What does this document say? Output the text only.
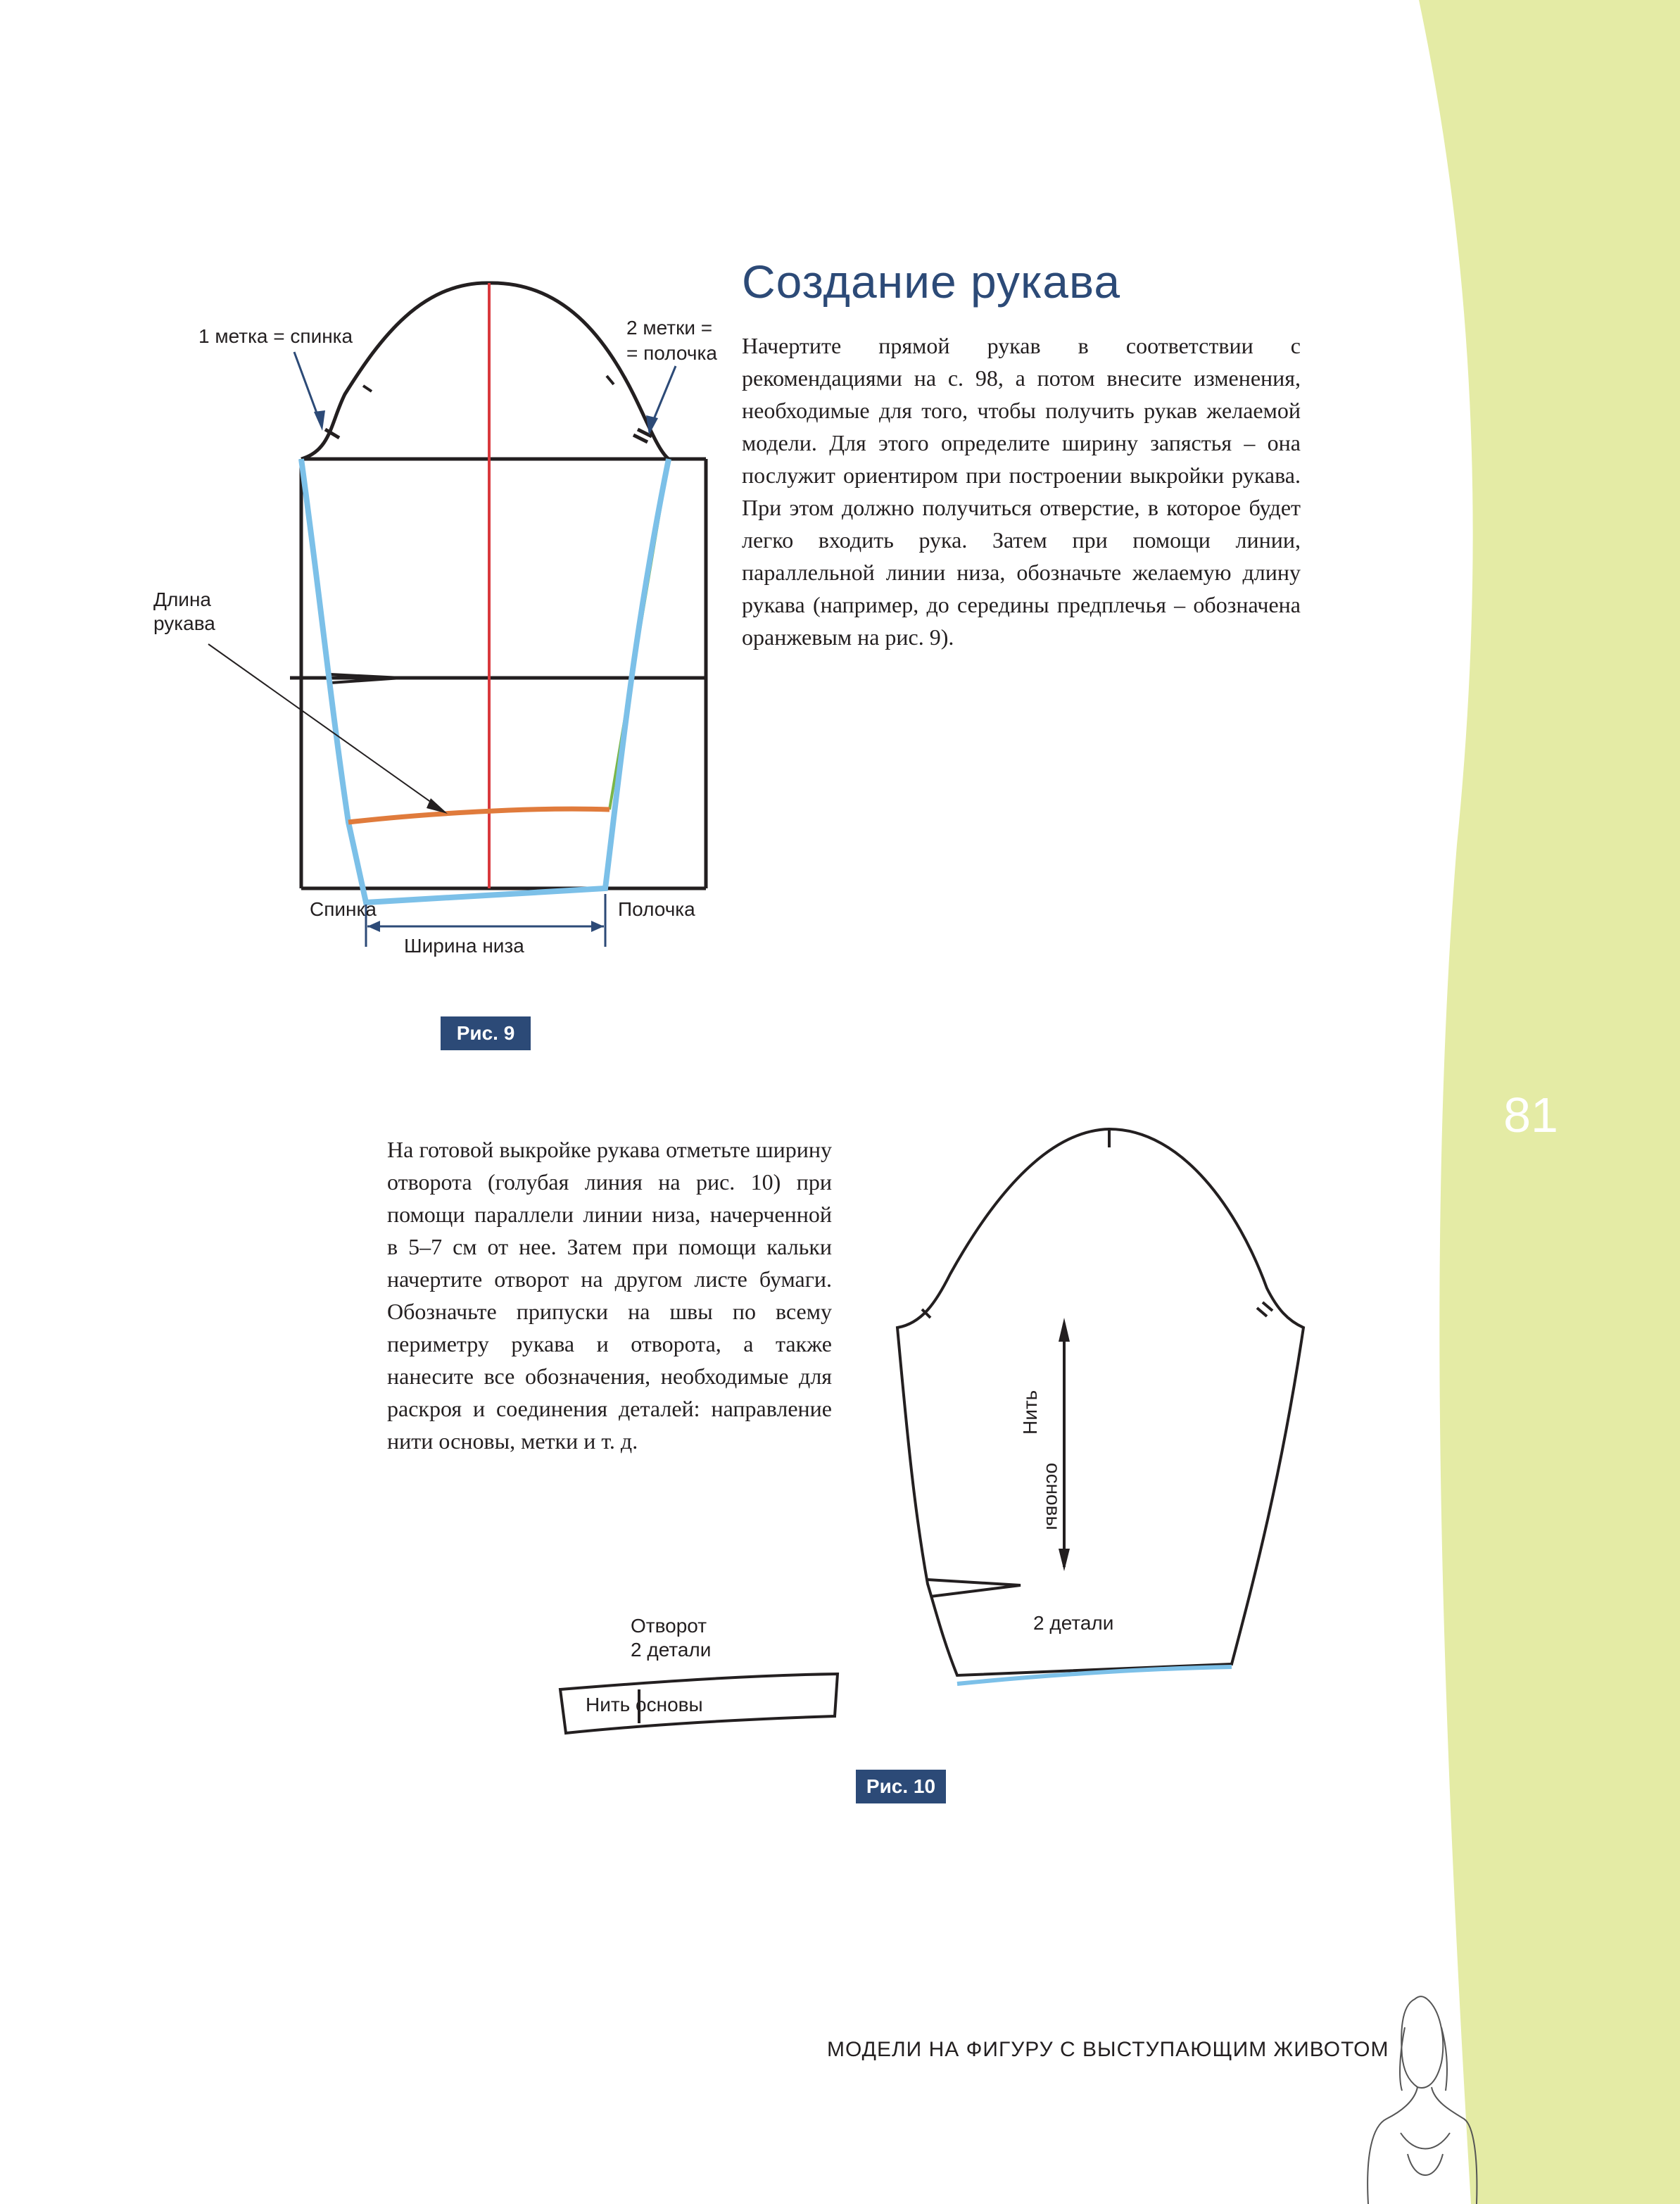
81
Создание рукава
Начертите прямой рукав в соответствии с рекомендациями на с. 98, а потом внесите изменения, необходимые для того, чтобы получить рукав желаемой модели. Для этого определите ширину запястья – она послужит ориентиром при построении выкройки рукава. При этом должно получиться отверстие, в которое будет легко входить рука. Затем при помощи линии, параллельной линии низа, обозначьте желаемую длину рукава (например, до середины предплечья – обозначена оранжевым на рис. 9).
1 метка = спинка	2 метки =
= полочка
Длина
рукава
Спинка	Полочка
Ширина низа
Рис. 9
На готовой выкройке рукава отметьте ширину отворота (голубая линия на рис. 10) при помощи параллели линии низа, начерченной в 5–7 см от нее. Затем при помощи кальки начертите отворот на другом листе бумаги. Обозначьте припуски на швы по всему периметру рукава и отворота, а также нанесите все обозначения, необходимые для раскроя и соединения деталей: направление нити основы, метки и т. д.
Нить
основы
2 детали
Отворот
2 детали
Нить основы
Рис. 10
МОДЕЛИ НА ФИГУРУ С ВЫСТУПАЮЩИМ ЖИВОТОМ
